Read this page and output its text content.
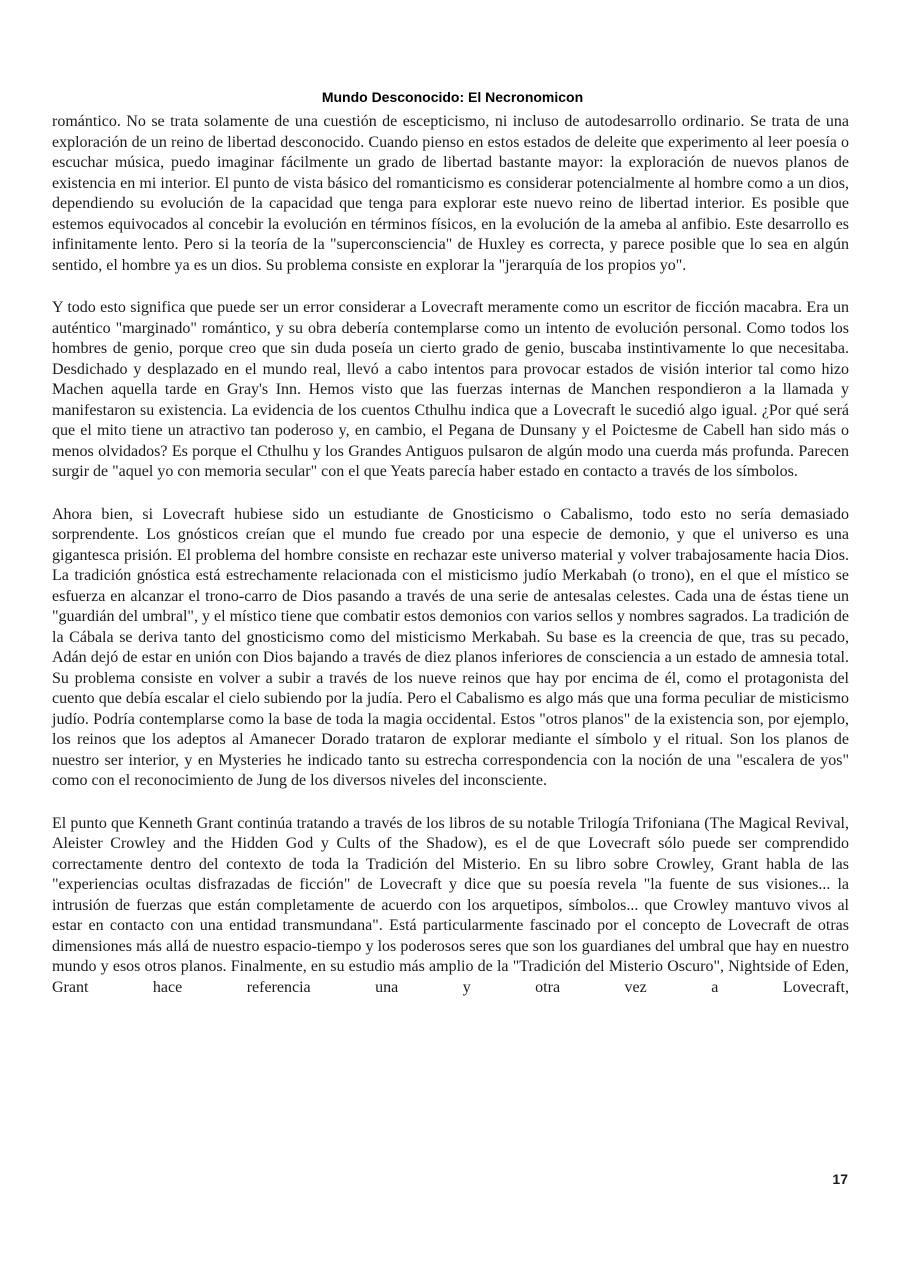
Mundo Desconocido: El Necronomicon

romántico. No se trata solamente de una cuestión de escepticismo, ni incluso de autodesarrollo ordinario. Se trata de una exploración de un reino de libertad desconocido. Cuando pienso en estos estados de deleite que experimento al leer poesía o escuchar música, puedo imaginar fácilmente un grado de libertad bastante mayor: la exploración de nuevos planos de existencia en mi interior. El punto de vista básico del romanticismo es considerar potencialmente al hombre como a un dios, dependiendo su evolución de la capacidad que tenga para explorar este nuevo reino de libertad interior. Es posible que estemos equivocados al concebir la evolución en términos físicos, en la evolución de la ameba al anfibio. Este desarrollo es infinitamente lento. Pero si la teoría de la "superconsciencia" de Huxley es correcta, y parece posible que lo sea en algún sentido, el hombre ya es un dios. Su problema consiste en explorar la "jerarquía de los propios yo".

Y todo esto significa que puede ser un error considerar a Lovecraft meramente como un escritor de ficción macabra. Era un auténtico "marginado" romántico, y su obra debería contemplarse como un intento de evolución personal. Como todos los hombres de genio, porque creo que sin duda poseía un cierto grado de genio, buscaba instintivamente lo que necesitaba. Desdichado y desplazado en el mundo real, llevó a cabo intentos para provocar estados de visión interior tal como hizo Machen aquella tarde en Gray's Inn. Hemos visto que las fuerzas internas de Manchen respondieron a la llamada y manifestaron su existencia. La evidencia de los cuentos Cthulhu indica que a Lovecraft le sucedió algo igual. ¿Por qué será que el mito tiene un atractivo tan poderoso y, en cambio, el Pegana de Dunsany y el Poictesme de Cabell han sido más o menos olvidados? Es porque el Cthulhu y los Grandes Antiguos pulsaron de algún modo una cuerda más profunda. Parecen surgir de "aquel yo con memoria secular" con el que Yeats parecía haber estado en contacto a través de los símbolos.

Ahora bien, si Lovecraft hubiese sido un estudiante de Gnosticismo o Cabalismo, todo esto no sería demasiado sorprendente. Los gnósticos creían que el mundo fue creado por una especie de demonio, y que el universo es una gigantesca prisión. El problema del hombre consiste en rechazar este universo material y volver trabajosamente hacia Dios. La tradición gnóstica está estrechamente relacionada con el misticismo judío Merkabah (o trono), en el que el místico se esfuerza en alcanzar el trono-carro de Dios pasando a través de una serie de antesalas celestes. Cada una de éstas tiene un "guardián del umbral", y el místico tiene que combatir estos demonios con varios sellos y nombres sagrados. La tradición de la Cábala se deriva tanto del gnosticismo como del misticismo Merkabah. Su base es la creencia de que, tras su pecado, Adán dejó de estar en unión con Dios bajando a través de diez planos inferiores de consciencia a un estado de amnesia total. Su problema consiste en volver a subir a través de los nueve reinos que hay por encima de él, como el protagonista del cuento que debía escalar el cielo subiendo por la judía. Pero el Cabalismo es algo más que una forma peculiar de misticismo judío. Podría contemplarse como la base de toda la magia occidental. Estos "otros planos" de la existencia son, por ejemplo, los reinos que los adeptos al Amanecer Dorado trataron de explorar mediante el símbolo y el ritual. Son los planos de nuestro ser interior, y en Mysteries he indicado tanto su estrecha correspondencia con la noción de una "escalera de yos" como con el reconocimiento de Jung de los diversos niveles del inconsciente.

El punto que Kenneth Grant continúa tratando a través de los libros de su notable Trilogía Trifoniana (The Magical Revival, Aleister Crowley and the Hidden God y Cults of the Shadow), es el de que Lovecraft sólo puede ser comprendido correctamente dentro del contexto de toda la Tradición del Misterio. En su libro sobre Crowley, Grant habla de las "experiencias ocultas disfrazadas de ficción" de Lovecraft y dice que su poesía revela "la fuente de sus visiones... la intrusión de fuerzas que están completamente de acuerdo con los arquetipos, símbolos... que Crowley mantuvo vivos al estar en contacto con una entidad transmundana". Está particularmente fascinado por el concepto de Lovecraft de otras dimensiones más allá de nuestro espacio-tiempo y los poderosos seres que son los guardianes del umbral que hay en nuestro mundo y esos otros planos. Finalmente, en su estudio más amplio de la "Tradición del Misterio Oscuro", Nightside of Eden, Grant hace referencia una y otra vez a Lovecraft,

17
